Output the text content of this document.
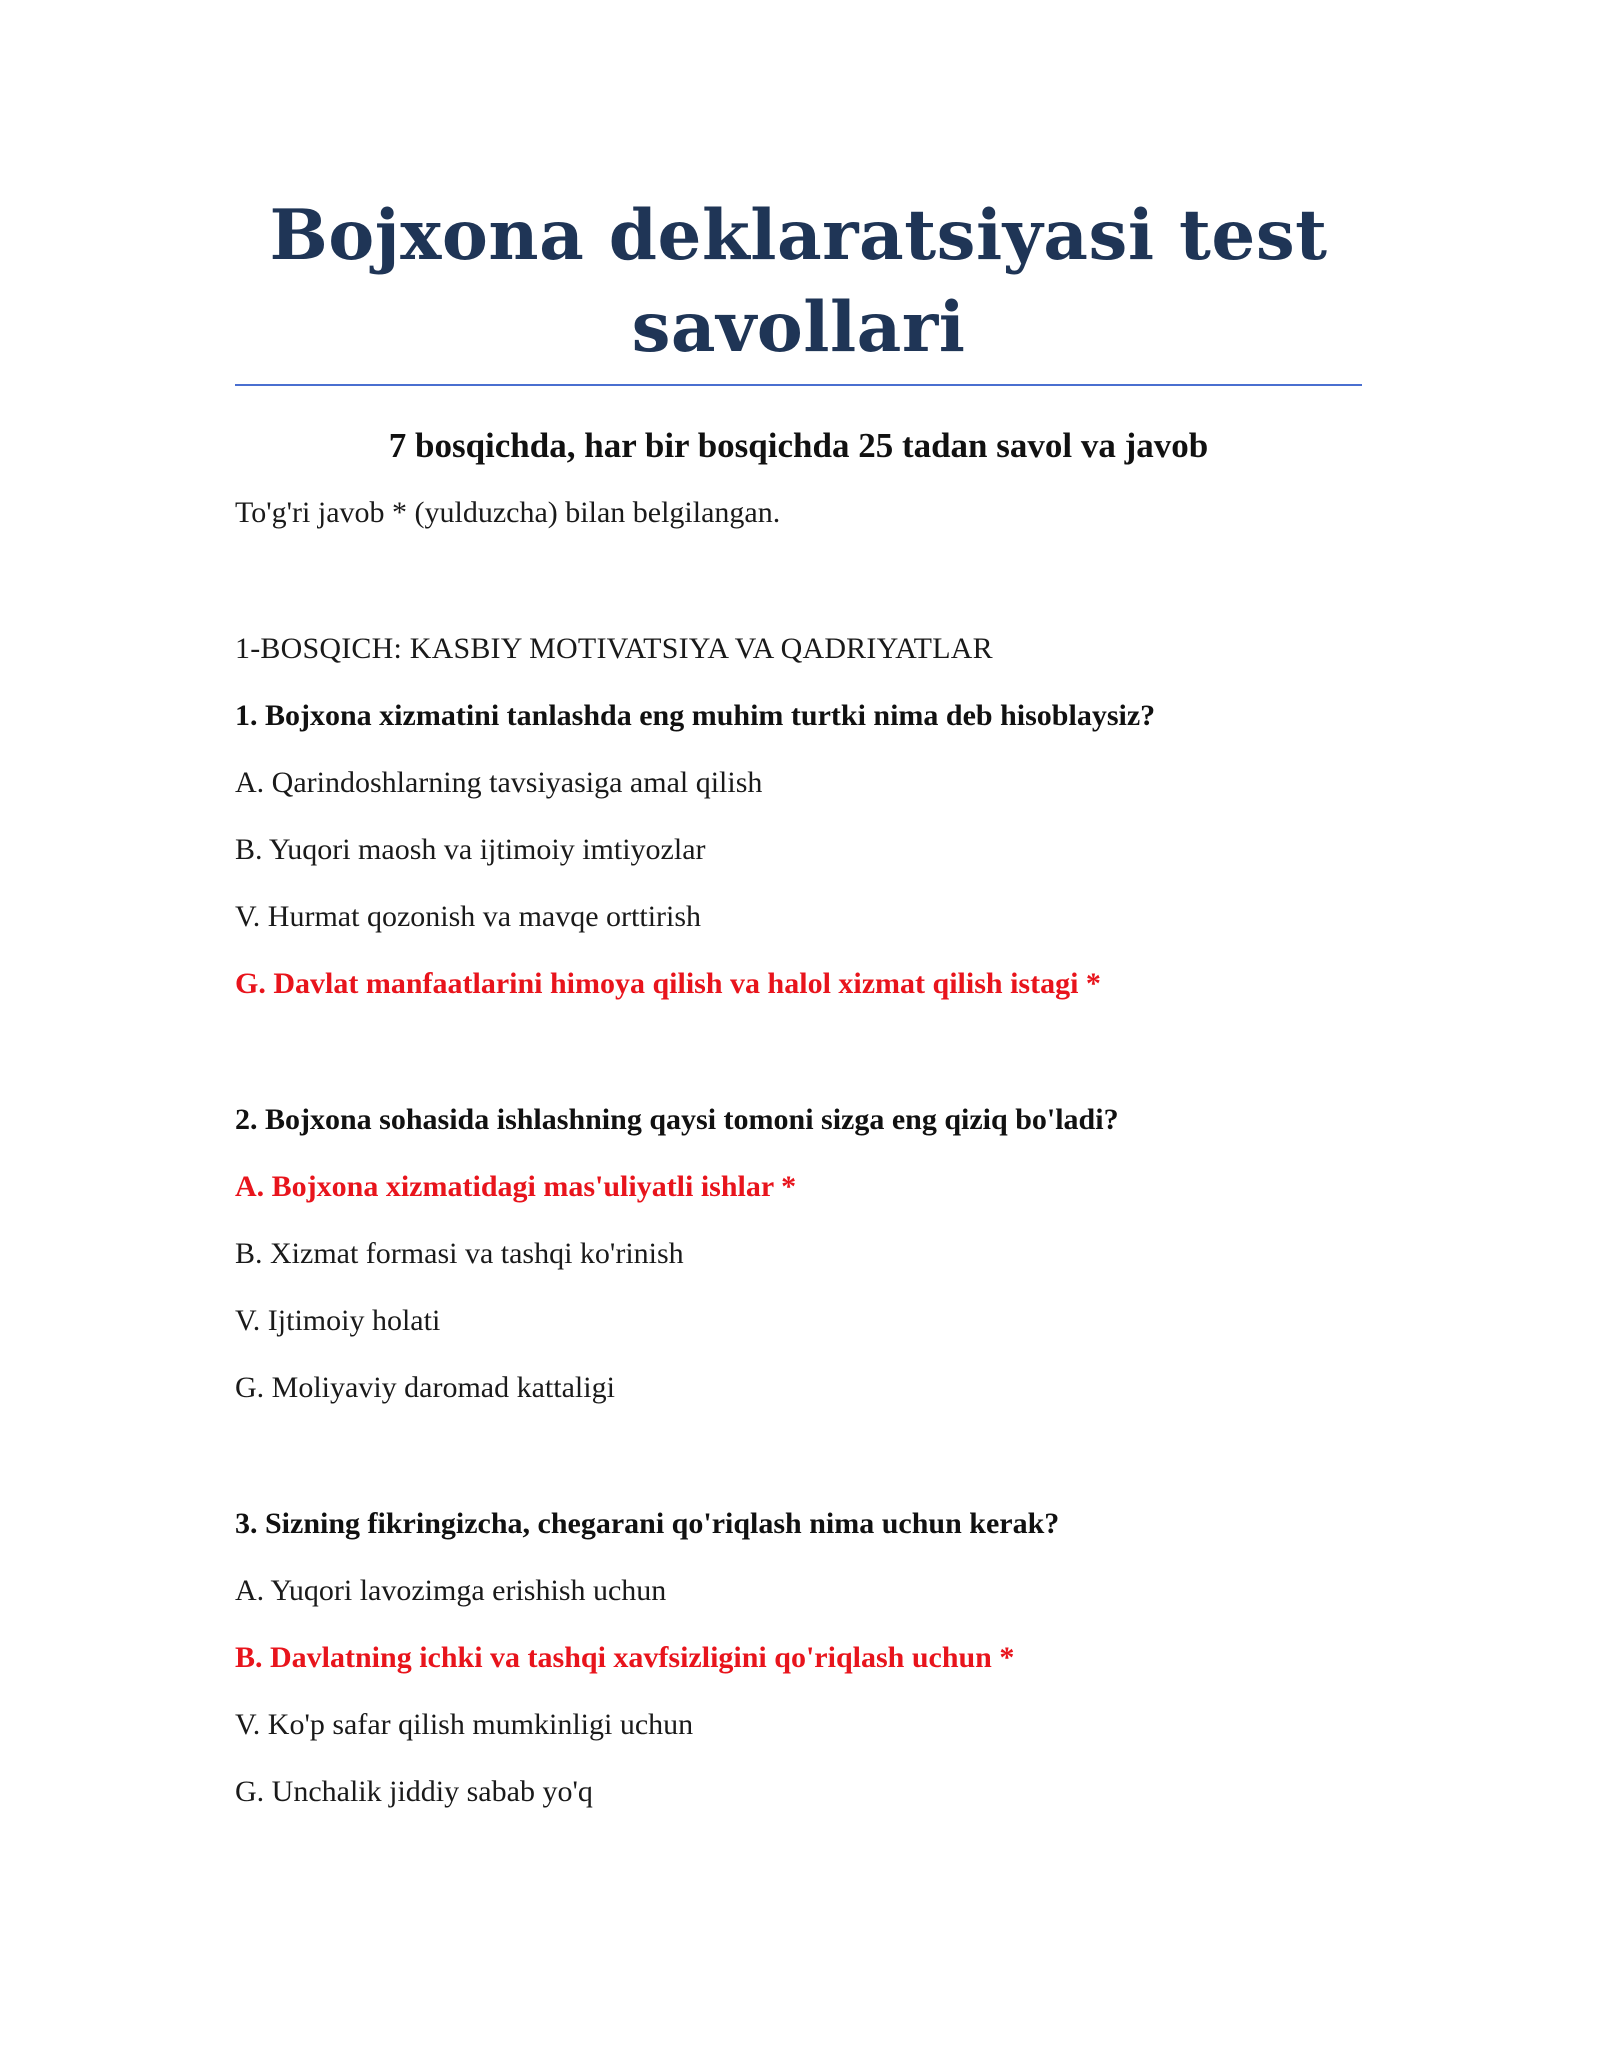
Bojxona deklaratsiyasi test savollari
7 bosqichda, har bir bosqichda 25 tadan savol va javob
To'g'ri javob * (yulduzcha) bilan belgilangan.
1-BOSQICH: KASBIY MOTIVATSIYA VA QADRIYATLAR
1. Bojxona xizmatini tanlashda eng muhim turtki nima deb hisoblaysiz?
A. Qarindoshlarning tavsiyasiga amal qilish
B. Yuqori maosh va ijtimoiy imtiyozlar
V. Hurmat qozonish va mavqe orttirish
G. Davlat manfaatlarini himoya qilish va halol xizmat qilish istagi *
2. Bojxona sohasida ishlashning qaysi tomoni sizga eng qiziq bo'ladi?
A. Bojxona xizmatidagi mas'uliyatli ishlar *
B. Xizmat formasi va tashqi ko'rinish
V. Ijtimoiy holati
G. Moliyaviy daromad kattaligi
3. Sizning fikringizcha, chegarani qo'riqlash nima uchun kerak?
A. Yuqori lavozimga erishish uchun
B. Davlatning ichki va tashqi xavfsizligini qo'riqlash uchun *
V. Ko'p safar qilish mumkinligi uchun
G. Unchalik jiddiy sabab yo'q
